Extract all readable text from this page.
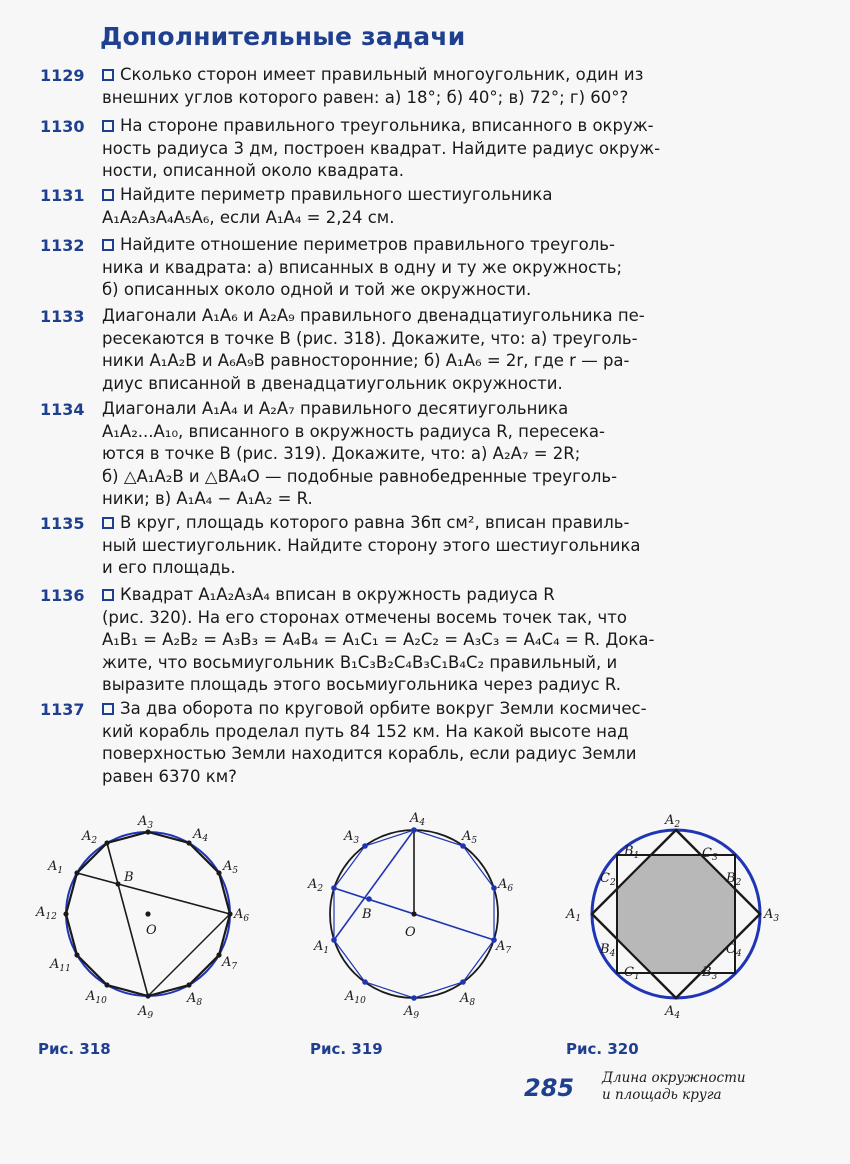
Дополнительные задачи
1129	Сколько сторон имеет правильный многоугольник, один из
внешних углов которого равен: а) 18°; б) 40°; в) 72°; г) 60°?
1130	На стороне правильного треугольника, вписанного в окруж-
ность радиуса 3 дм, построен квадрат. Найдите радиус окруж-
ности, описанной около квадрата.
1131	Найдите периметр правильного шестиугольника
A₁A₂A₃A₄A₅A₆, если A₁A₄ = 2,24 см.
1132	Найдите отношение периметров правильного треуголь-
ника и квадрата: а) вписанных в одну и ту же окружность;
б) описанных около одной и той же окружности.
1133	Диагонали A₁A₆ и A₂A₉ правильного двенадцатиугольника пе-
ресекаются в точке B (рис. 318). Докажите, что: а) треуголь-
ники A₁A₂B и A₆A₉B равносторонние; б) A₁A₆ = 2r, где r — ра-
диус вписанной в двенадцатиугольник окружности.
1134	Диагонали A₁A₄ и A₂A₇ правильного десятиугольника
A₁A₂...A₁₀, вписанного в окружность радиуса R, пересека-
ются в точке B (рис. 319). Докажите, что: а) A₂A₇ = 2R;
б) △A₁A₂B и △BA₄O — подобные равнобедренные треуголь-
ники; в) A₁A₄ − A₁A₂ = R.
1135	В круг, площадь которого равна 36π см², вписан правиль-
ный шестиугольник. Найдите сторону этого шестиугольника
и его площадь.
1136	Квадрат A₁A₂A₃A₄ вписан в окружность радиуса R
(рис. 320). На его сторонах отмечены восемь точек так, что
A₁B₁ = A₂B₂ = A₃B₃ = A₄B₄ = A₁C₁ = A₂C₂ = A₃C₃ = A₄C₄ = R. Дока-
жите, что восьмиугольник B₁C₃B₂C₄B₃C₁B₄C₂ правильный, и
выразите площадь этого восьмиугольника через радиус R.
1137	За два оборота по круговой орбите вокруг Земли космичес-
кий корабль проделал путь 84 152 км. На какой высоте над
поверхностью Земли находится корабль, если радиус Земли
равен 6370 км?
$A_2$
$A_3$
$A_4$
$A_5$
$A_6$
$A_7$
$A_8$
$A_9$
$A_{10}$
$A_{11}$
$A_{12}$
$A_1$	B
O
$A_4$
$A_5$
$A_6$
$A_7$
$A_8$
$A_9$
$A_{10}$
$A_1$
$A_2$
$A_3$
B
O
$A_2$
$A_3$
$A_4$
$A_1$
$B_1$	$C_3$
$B_2$
$C_4$
$B_3$
$C_1$
$B_4$
$C_2$
Рис. 318	Рис. 319	Рис. 320
285 Длина окружности
и площадь круга
